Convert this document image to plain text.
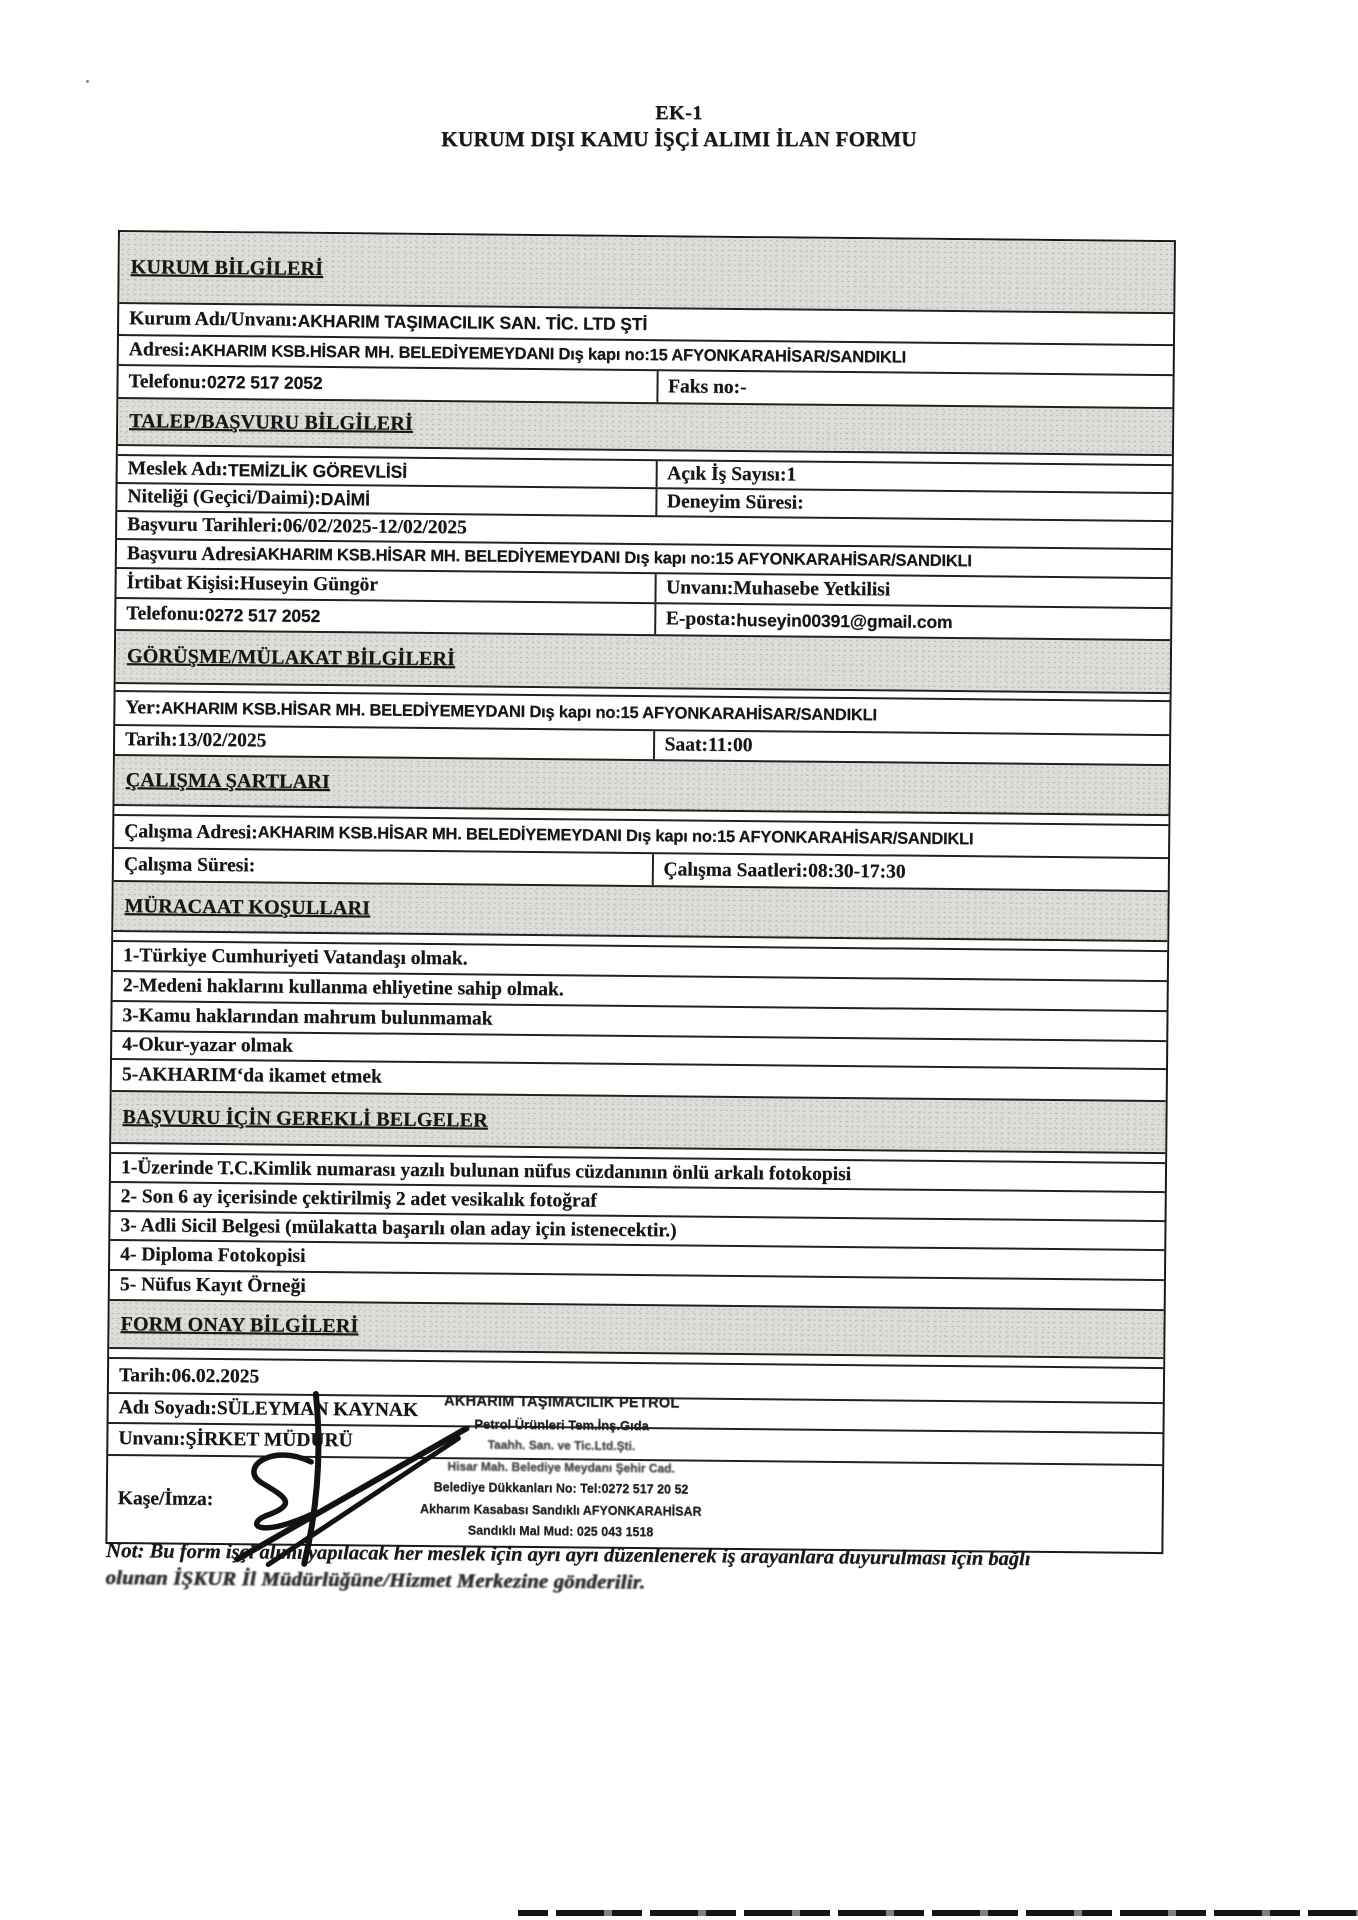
EK-1
KURUM DIŞI KAMU İŞÇİ ALIMI İLAN FORMU
KURUM BİLGİLERİ
Kurum Adı/Unvanı: AKHARIM TAŞIMACILIK SAN. TİC. LTD ŞTİ
Adresi: AKHARIM KSB.HİSAR MH. BELEDİYEMEYDANI Dış kapı no:15 AFYONKARAHİSAR/SANDIKLI
Telefonu: 0272 517 2052	Faks no:-
TALEP/BAŞVURU BİLGİLERİ
Meslek Adı: TEMİZLİK GÖREVLİSİ	Açık İş Sayısı: 1
Niteliği (Geçici/Daimi): DAİMİ	Deneyim Süresi:
Başvuru Tarihleri: 06/02/2025-12/02/2025
Başvuru Adresi AKHARIM KSB.HİSAR MH. BELEDİYEMEYDANI Dış kapı no:15 AFYONKARAHİSAR/SANDIKLI
İrtibat Kişisi: Huseyin Güngör	Unvanı: Muhasebe Yetkilisi
Telefonu: 0272 517 2052	E-posta: huseyin00391@gmail.com
GÖRÜŞME/MÜLAKAT BİLGİLERİ
Yer: AKHARIM KSB.HİSAR MH. BELEDİYEMEYDANI Dış kapı no:15 AFYONKARAHİSAR/SANDIKLI
Tarih: 13/02/2025	Saat: 11:00
ÇALIŞMA ŞARTLARI
Çalışma Adresi: AKHARIM KSB.HİSAR MH. BELEDİYEMEYDANI Dış kapı no:15 AFYONKARAHİSAR/SANDIKLI
Çalışma Süresi:	Çalışma Saatleri: 08:30-17:30
MÜRACAAT KOŞULLARI
1-Türkiye Cumhuriyeti Vatandaşı olmak.
2-Medeni haklarını kullanma ehliyetine sahip olmak.
3-Kamu haklarından mahrum bulunmamak
4-Okur-yazar olmak
5-AKHARIM‘da ikamet etmek
BAŞVURU İÇİN GEREKLİ BELGELER
1-Üzerinde T.C.Kimlik numarası yazılı bulunan nüfus cüzdanının önlü arkalı fotokopisi
2- Son 6 ay içerisinde çektirilmiş 2 adet vesikalık fotoğraf
3- Adli Sicil Belgesi (mülakatta başarılı olan aday için istenecektir.)
4- Diploma Fotokopisi
5- Nüfus Kayıt Örneği
FORM ONAY BİLGİLERİ
Tarih: 06.02.2025
Adı Soyadı: SÜLEYMAN KAYNAK
Unvanı: ŞİRKET MÜDÜRÜ
Kaşe/İmza:
AKHARIM TAŞIMACILIK PETROL
Petrol Ürünleri Tem.İnş.Gıda
Taahh. San. ve Tic.Ltd.Şti.
Hisar Mah. Belediye Meydanı Şehir Cad.
Belediye Dükkanları No: Tel:0272 517 20 52
Akharım Kasabası Sandıklı AFYONKARAHİSAR
Sandıklı Mal Mud: 025 043 1518
Not: Bu form işçi alımı yapılacak her meslek için ayrı ayrı düzenlenerek iş arayanlara duyurulması için bağlı
olunan İŞKUR İl Müdürlüğüne/Hizmet Merkezine gönderilir.
